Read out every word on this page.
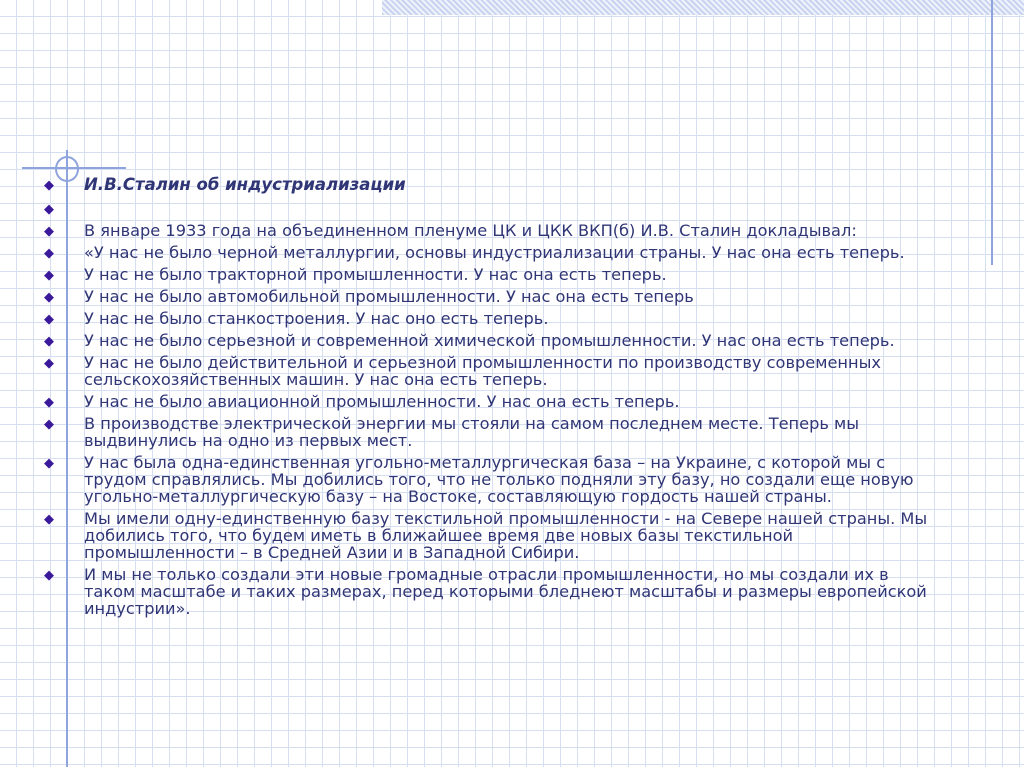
◆ И.В.Сталин об индустриализации
◆
◆ В январе 1933 года на объединенном пленуме ЦК и ЦКК ВКП(б) И.В. Сталин докладывал:
◆ «У нас не было черной металлургии, основы индустриализации страны. У нас она есть теперь.
◆ У нас не было тракторной промышленности. У нас она есть теперь.
◆ У нас не было автомобильной промышленности. У нас она есть теперь
◆ У нас не было станкостроения. У нас оно есть теперь.
◆ У нас не было серьезной и современной химической промышленности. У нас она есть теперь.
◆ У нас не было действительной и серьезной промышленности по производству современных сельскохозяйственных машин. У нас она есть теперь.
◆ У нас не было авиационной промышленности. У нас она есть теперь.
◆ В производстве электрической энергии мы стояли на самом последнем месте. Теперь мы выдвинулись на одно из первых мест.
◆ У нас была одна-единственная угольно-металлургическая база – на Украине, с которой мы с трудом справлялись. Мы добились того, что не только подняли эту базу, но создали еще новую угольно-металлургическую базу – на Востоке, составляющую гордость нашей страны.
◆ Мы имели одну-единственную базу текстильной промышленности - на Севере нашей страны. Мы добились того, что будем иметь в ближайшее время две новых базы текстильной промышленности – в Средней Азии и в Западной Сибири.
◆ И мы не только создали эти новые громадные отрасли промышленности, но мы создали их в таком масштабе и таких размерах, перед которыми бледнеют масштабы и размеры европейской индустрии».
